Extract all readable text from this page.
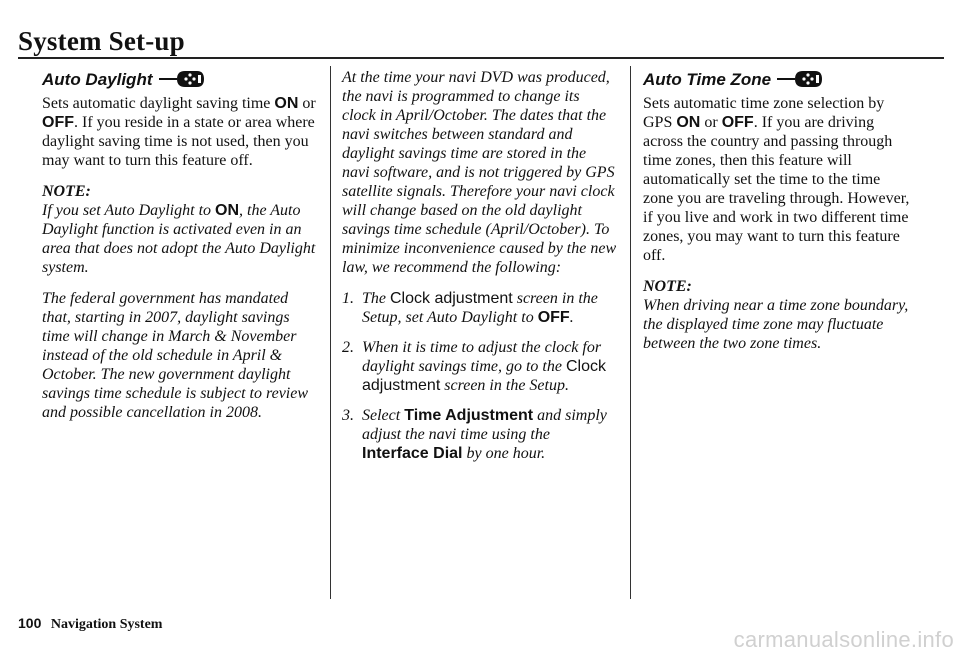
System Set-up
Auto Daylight

Sets automatic daylight saving time ON or OFF. If you reside in a state or area where daylight saving time is not used, then you may want to turn this feature off.

NOTE:

If you set Auto Daylight to ON, the Auto Daylight function is activated even in an area that does not adopt the Auto Daylight system.

The federal government has mandated that, starting in 2007, daylight savings time will change in March & November instead of the old schedule in April & October. The new government daylight savings time schedule is subject to review and possible cancellation in 2008.

At the time your navi DVD was produced, the navi is programmed to change its clock in April/October. The dates that the navi switches between standard and daylight savings time are stored in the navi software, and is not triggered by GPS satellite signals. Therefore your navi clock will change based on the old daylight savings time schedule (April/October). To minimize inconvenience caused by the new law, we recommend the following:

1. The Clock adjustment screen in the Setup, set Auto Daylight to OFF.
2. When it is time to adjust the clock for daylight savings time, go to the Clock adjustment screen in the Setup.
3. Select Time Adjustment and simply adjust the navi time using the Interface Dial by one hour.
Auto Time Zone

Sets automatic time zone selection by GPS ON or OFF. If you are driving across the country and passing through time zones, then this feature will automatically set the time to the time zone you are traveling through. However, if you live and work in two different time zones, you may want to turn this feature off.

NOTE:

When driving near a time zone boundary, the displayed time zone may fluctuate between the two zone times.

100 Navigation System
carmanualsonline.info
